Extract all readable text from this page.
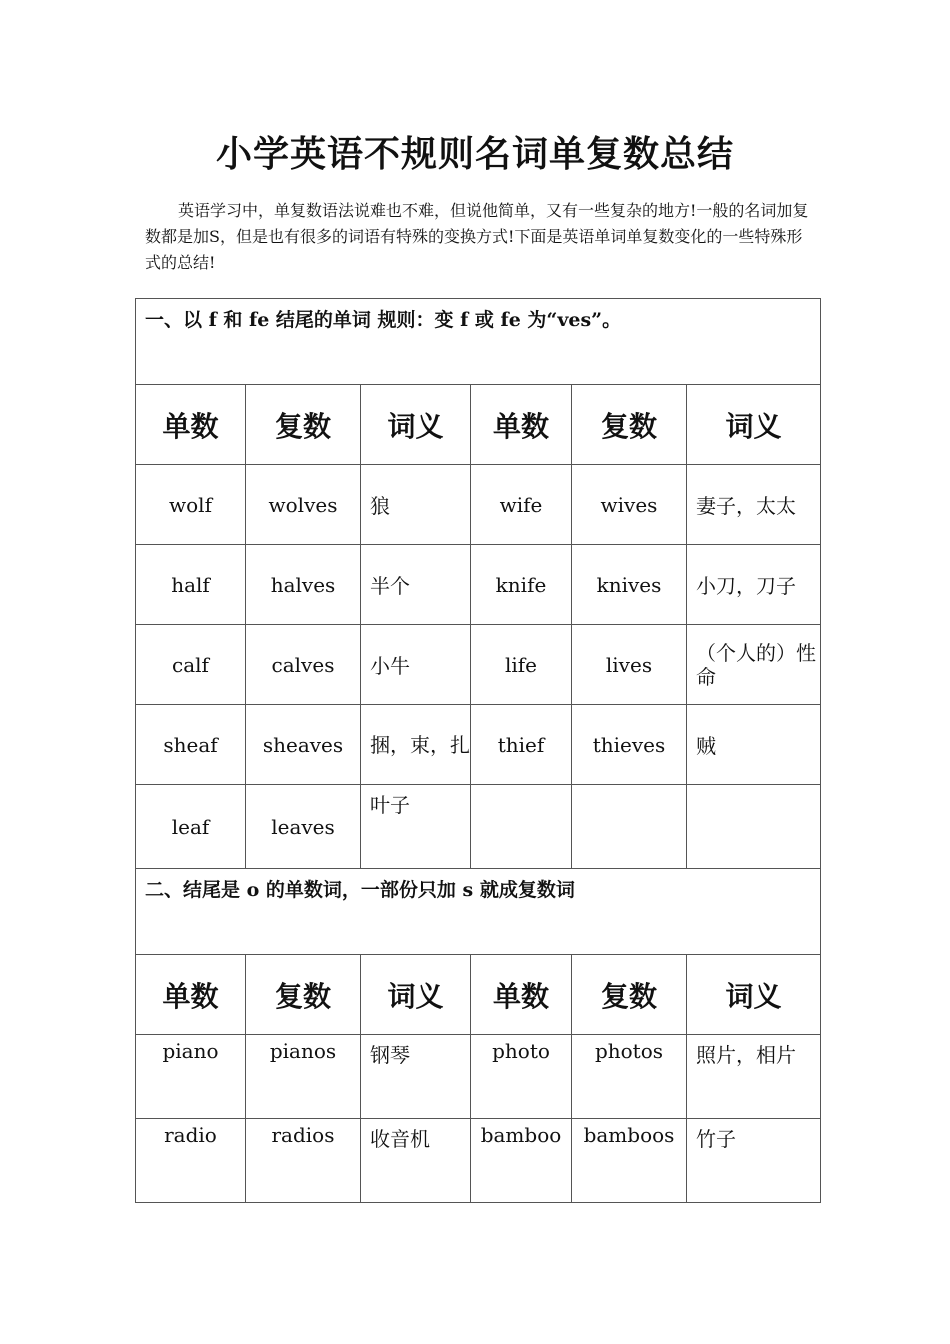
小学英语不规则名词单复数总结
英语学习中，单复数语法说难也不难，但说他简单，又有一些复杂的地方!一般的名词加复数都是加S，但是也有很多的词语有特殊的变换方式!下面是英语单词单复数变化的一些特殊形式的总结!
一、以 f 和 fe 结尾的单词 规则：变 f 或 fe 为“ves”。					
单数	复数	词义	单数	复数	词义
wolf	wolves	狼	wife	wives	妻子，太太
half	halves	半个	knife	knives	小刀，刀子
calf	calves	小牛	life	lives	（个人的）性命
sheaf	sheaves	捆，束，扎	thief	thieves	贼
leaf	leaves	叶子			
二、结尾是 o 的单数词，一部份只加 s 就成复数词					
单数	复数	词义	单数	复数	词义
piano	pianos	钢琴	photo	photos	照片，相片
radio	radios	收音机	bamboo	bamboos	竹子
